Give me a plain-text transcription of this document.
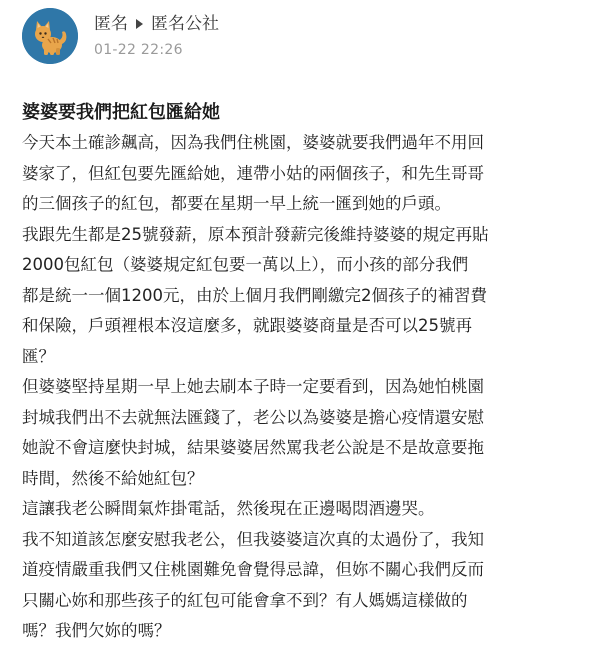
匿名 匿名公社
01-22 22:26
婆婆要我們把紅包匯給她

今天本土確診飆高，因為我們住桃園，婆婆就要我們過年不用回

婆家了，但紅包要先匯給她，連帶小姑的兩個孩子，和先生哥哥

的三個孩子的紅包，都要在星期一早上統一匯到她的戶頭。

我跟先生都是25號發薪，原本預計發薪完後維持婆婆的規定再貼

2000包紅包（婆婆規定紅包要一萬以上），而小孩的部分我們

都是統一一個1200元，由於上個月我們剛繳完2個孩子的補習費

和保險，戶頭裡根本沒這麼多，就跟婆婆商量是否可以25號再

匯？

但婆婆堅持星期一早上她去刷本子時一定要看到，因為她怕桃園

封城我們出不去就無法匯錢了，老公以為婆婆是擔心疫情還安慰

她說不會這麼快封城，結果婆婆居然罵我老公說是不是故意要拖

時間，然後不給她紅包？

這讓我老公瞬間氣炸掛電話，然後現在正邊喝悶酒邊哭。

我不知道該怎麼安慰我老公，但我婆婆這次真的太過份了，我知

道疫情嚴重我們又住桃園難免會覺得忌諱，但妳不關心我們反而

只關心妳和那些孩子的紅包可能會拿不到？有人媽媽這樣做的

嗎？我們欠妳的嗎？
